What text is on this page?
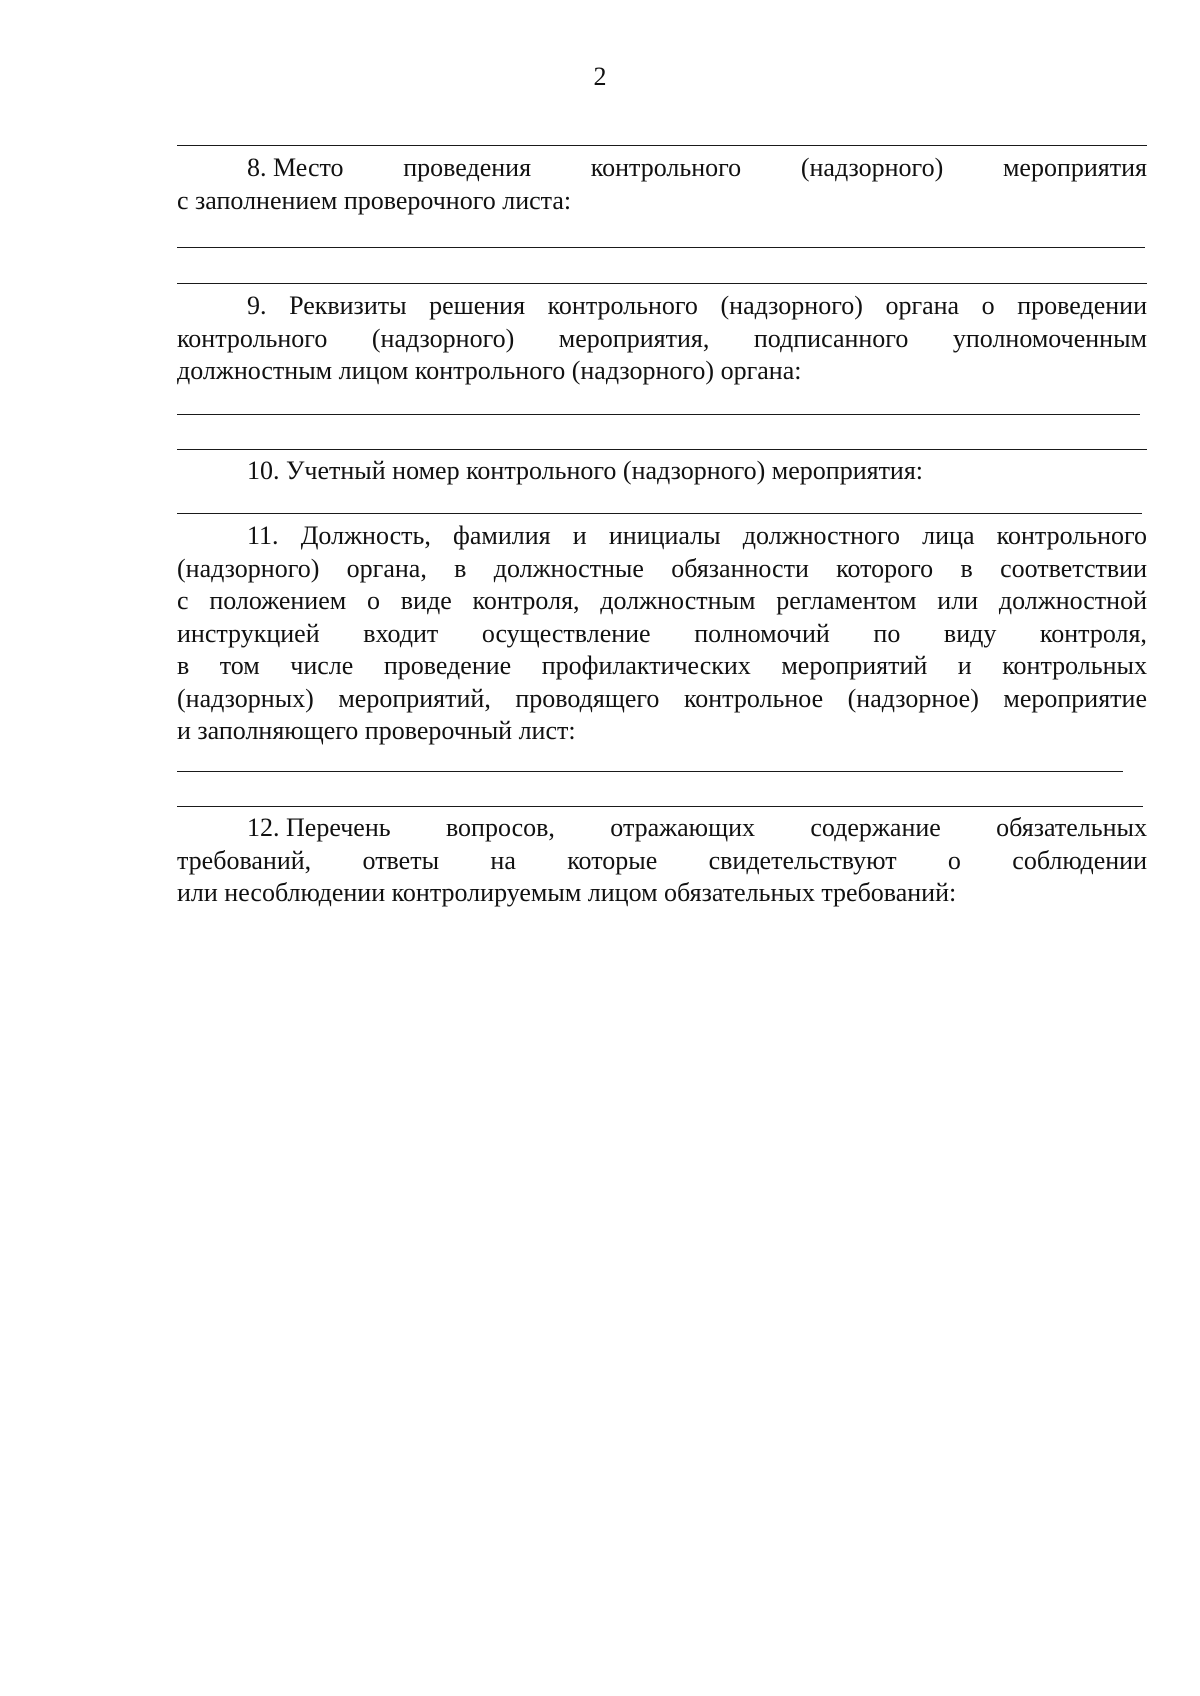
2
8. Место проведения контрольного (надзорного) мероприятия
с заполнением проверочного листа:
9. Реквизиты решения контрольного (надзорного) органа о проведении
контрольного (надзорного) мероприятия, подписанного уполномоченным
должностным лицом контрольного (надзорного) органа:
10. Учетный номер контрольного (надзорного) мероприятия:
11. Должность, фамилия и инициалы должностного лица контрольного
(надзорного) органа, в должностные обязанности которого в соответствии
с положением о виде контроля, должностным регламентом или должностной
инструкцией входит осуществление полномочий по виду контроля,
в том числе проведение профилактических мероприятий и контрольных
(надзорных) мероприятий, проводящего контрольное (надзорное) мероприятие
и заполняющего проверочный лист:
12. Перечень вопросов, отражающих содержание обязательных
требований, ответы на которые свидетельствуют о соблюдении
или несоблюдении контролируемым лицом обязательных требований:
